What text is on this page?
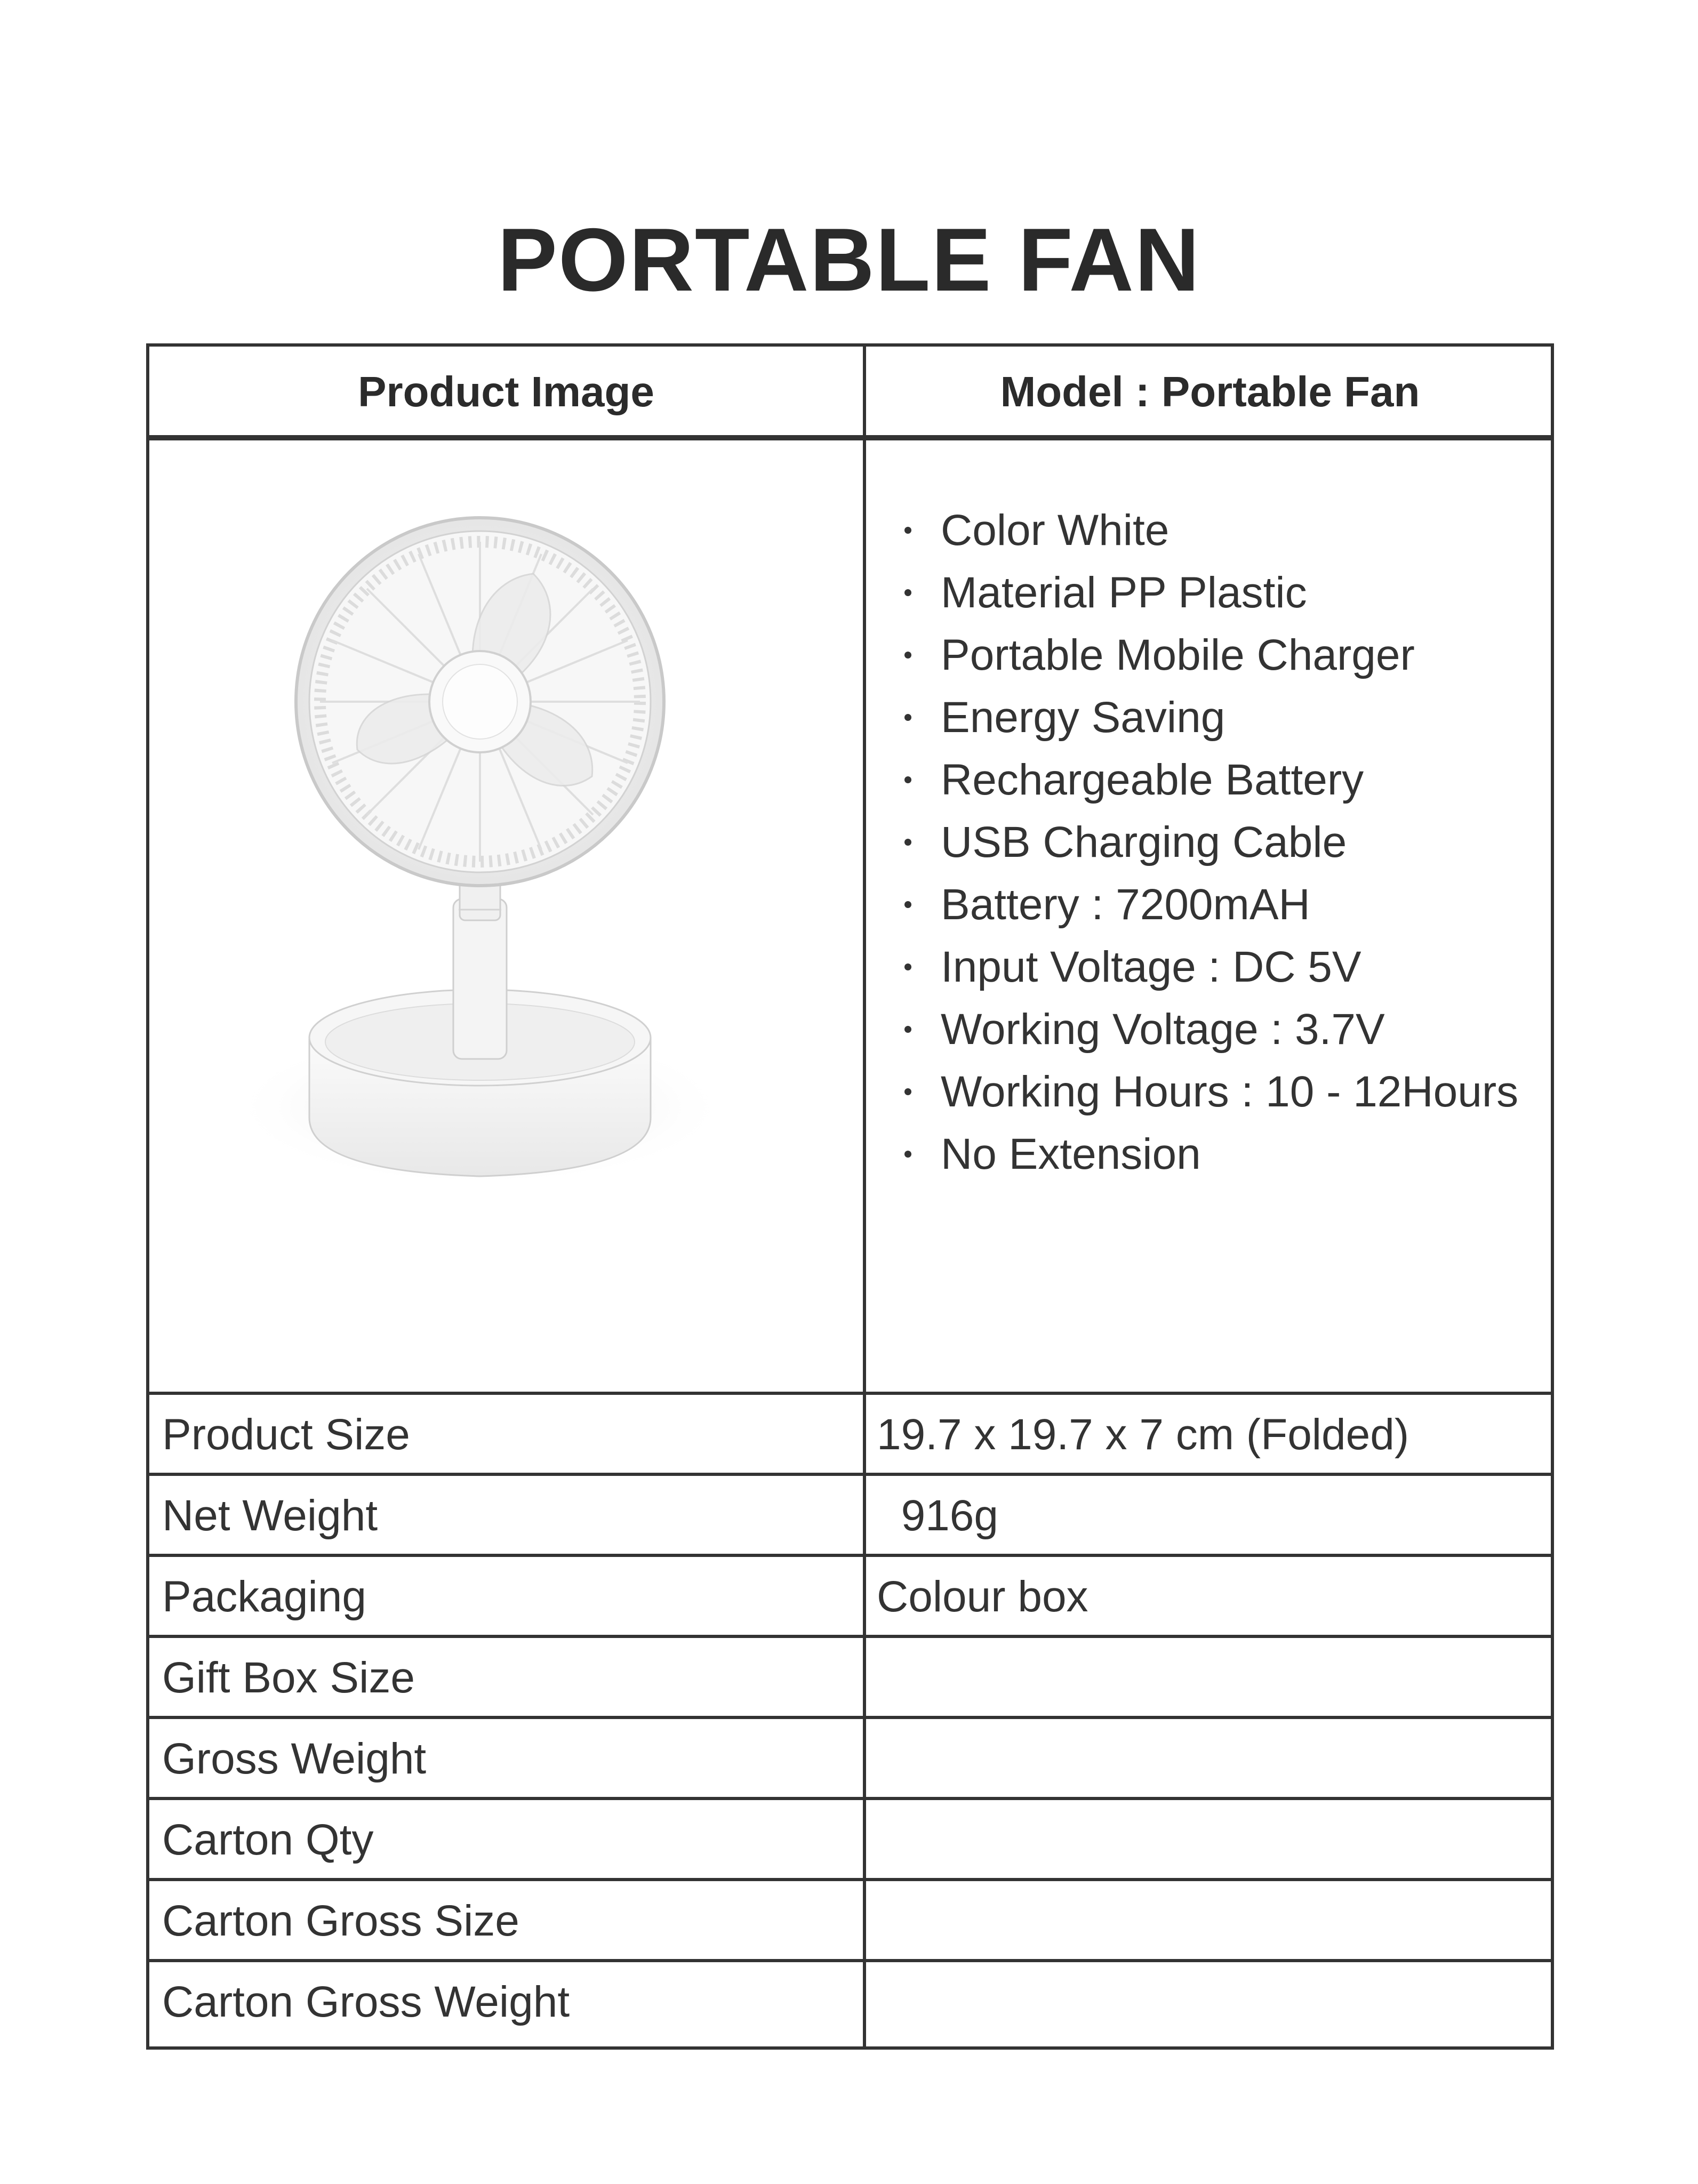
PORTABLE FAN
Product Image	Model : Portable Fan
Color White
Material PP Plastic
Portable Mobile Charger
Energy Saving
Rechargeable Battery
USB Charging Cable
Battery : 7200mAH
Input Voltage : DC 5V
Working Voltage : 3.7V
Working Hours : 10 - 12Hours
No Extension
Product Size	19.7 x 19.7 x 7 cm (Folded)
Net Weight	916g
Packaging	Colour box
Gift Box Size
Gross Weight
Carton Qty
Carton Gross Size
Carton Gross Weight
